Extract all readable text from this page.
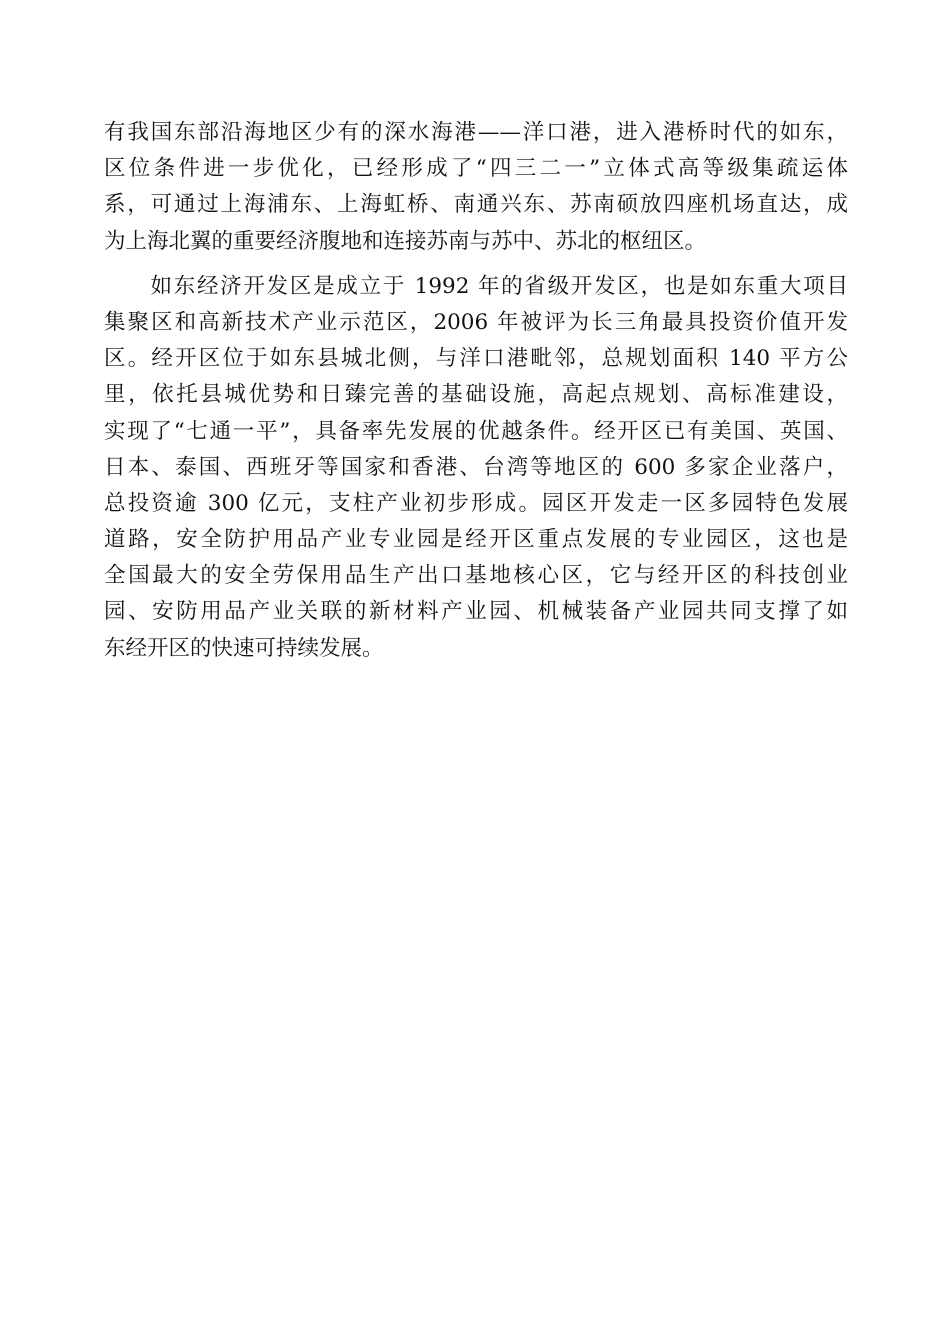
有我国东部沿海地区少有的深水海港——洋口港，进入港桥时代的如东，
区位条件进一步优化，已经形成了“四三二一”立体式高等级集疏运体
系，可通过上海浦东、上海虹桥、南通兴东、苏南硕放四座机场直达，成
为上海北翼的重要经济腹地和连接苏南与苏中、苏北的枢纽区。
　　如东经济开发区是成立于 1992 年的省级开发区，也是如东重大项目
集聚区和高新技术产业示范区，2006 年被评为长三角最具投资价值开发
区。经开区位于如东县城北侧，与洋口港毗邻，总规划面积 140 平方公
里，依托县城优势和日臻完善的基础设施，高起点规划、高标准建设，
实现了“七通一平”，具备率先发展的优越条件。经开区已有美国、英国、
日本、泰国、西班牙等国家和香港、台湾等地区的 600 多家企业落户，
总投资逾 300 亿元，支柱产业初步形成。园区开发走一区多园特色发展
道路，安全防护用品产业专业园是经开区重点发展的专业园区，这也是
全国最大的安全劳保用品生产出口基地核心区，它与经开区的科技创业
园、安防用品产业关联的新材料产业园、机械装备产业园共同支撑了如
东经开区的快速可持续发展。
